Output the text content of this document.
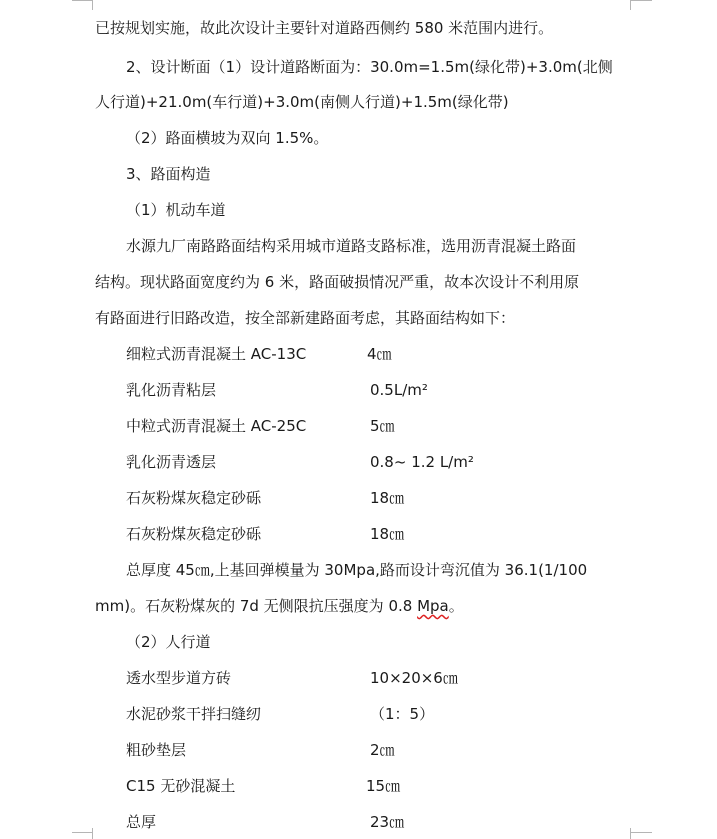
已按规划实施，故此次设计主要针对道路西侧约 580 米范围内进行。
2、设计断面（1）设计道路断面为：30.0m=1.5m(绿化带)+3.0m(北侧
人行道)+21.0m(车行道)+3.0m(南侧人行道)+1.5m(绿化带)
（2）路面横坡为双向 1.5%。
3、路面构造
（1）机动车道
水源九厂南路路面结构采用城市道路支路标准，选用沥青混凝土路面
结构。现状路面宽度约为 6 米，路面破损情况严重，故本次设计不利用原
有路面进行旧路改造，按全部新建路面考虑，其路面结构如下：
细粒式沥青混凝土 AC-13C	4㎝
乳化沥青粘层	0.5L/m²
中粒式沥青混凝土 AC-25C	5㎝
乳化沥青透层	0.8~ 1.2 L/m²
石灰粉煤灰稳定砂砾	18㎝
石灰粉煤灰稳定砂砾	18㎝
总厚度 45㎝,上基回弹模量为 30Mpa,路而设计弯沉值为 36.1(1/100
mm)。石灰粉煤灰的 7d 无侧限抗压强度为 0.8 Mpa。
（2）人行道
透水型步道方砖	10×20×6㎝
水泥砂浆干拌扫缝纫	（1：5）
粗砂垫层	2㎝
C15 无砂混凝土	15㎝
总厚	23㎝
